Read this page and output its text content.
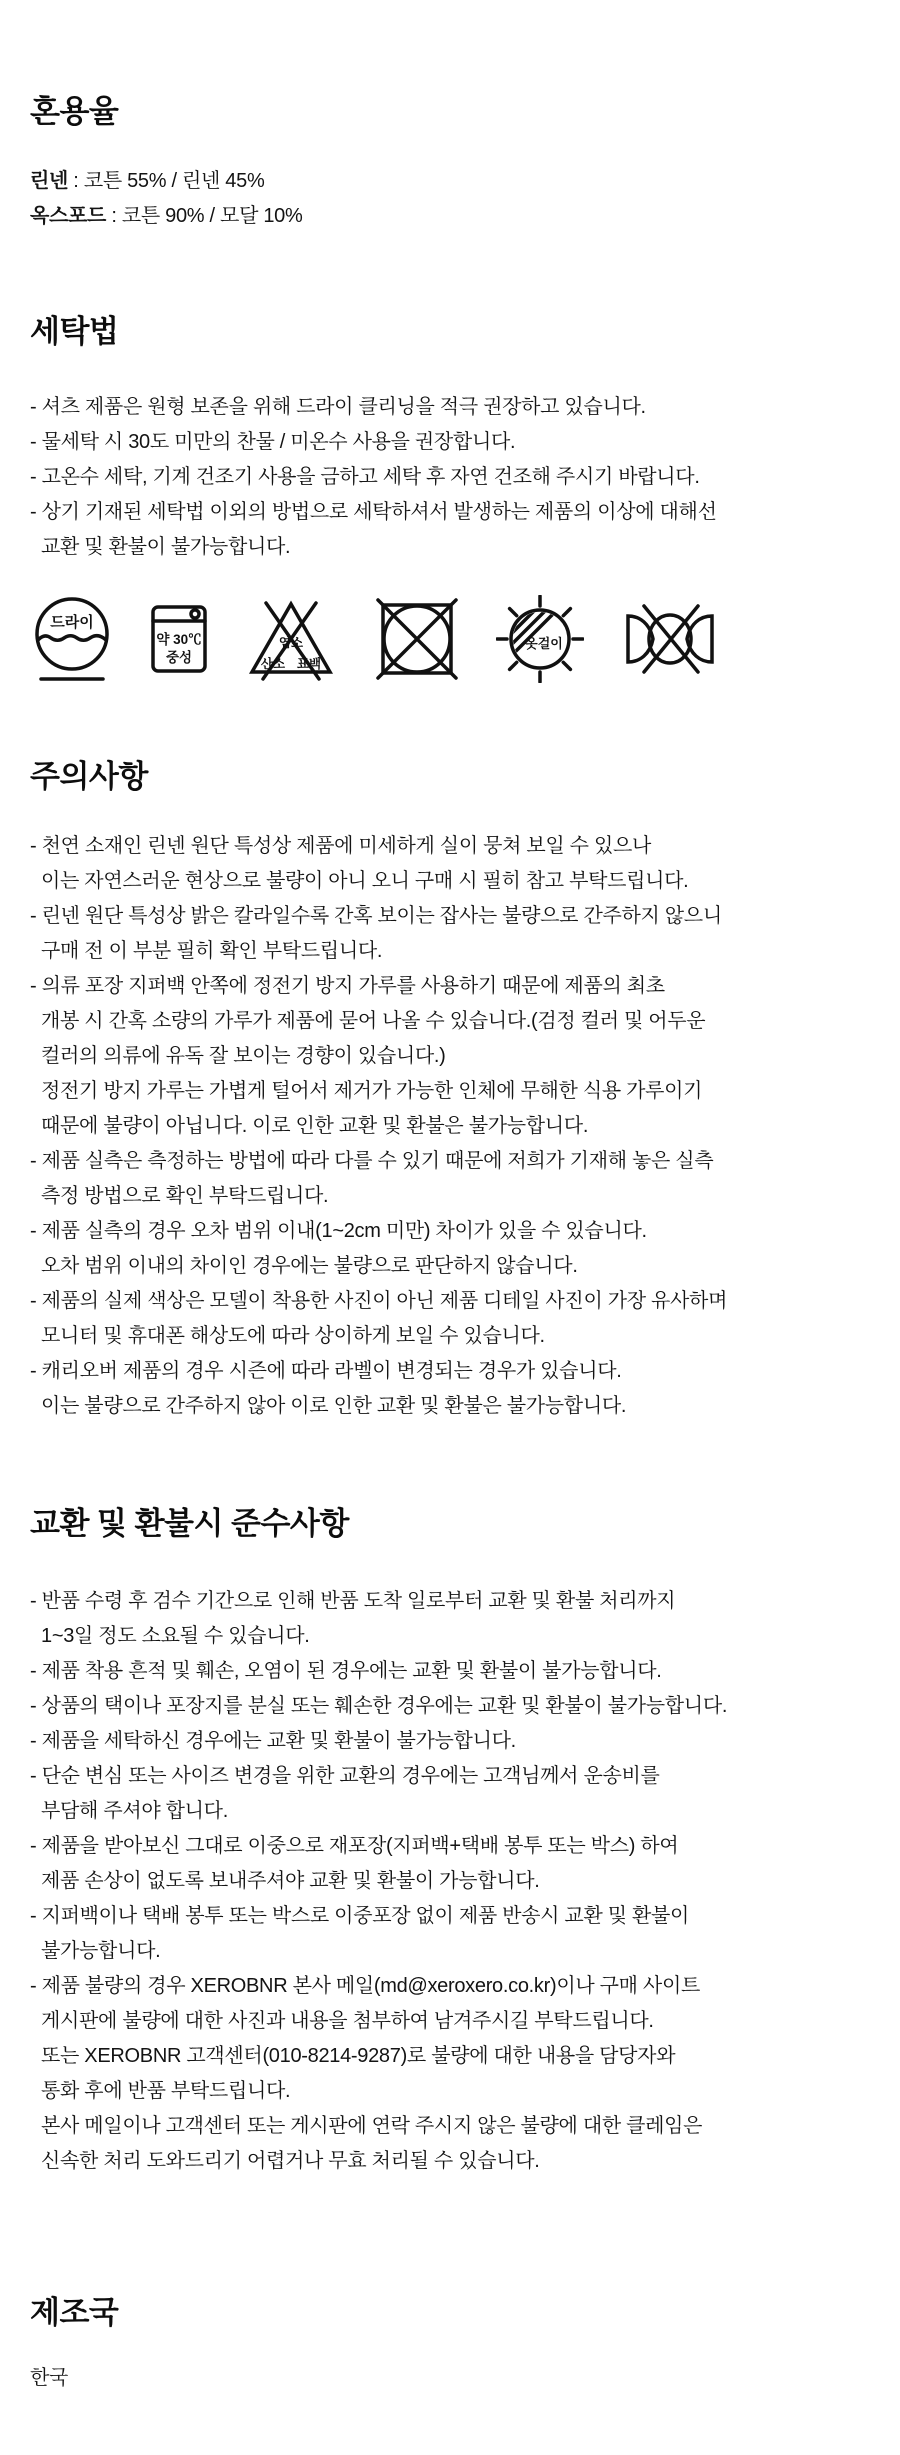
혼용율
린넨 : 코튼 55% / 린넨 45%
옥스포드 : 코튼 90% / 모달 10%
세탁법
- 셔츠 제품은 원형 보존을 위해 드라이 클리닝을 적극 권장하고 있습니다.
- 물세탁 시 30도 미만의 찬물 / 미온수 사용을 권장합니다.
- 고온수 세탁, 기계 건조기 사용을 금하고 세탁 후 자연 건조해 주시기 바랍니다.
- 상기 기재된 세탁법 이외의 방법으로 세탁하셔서 발생하는 제품의 이상에 대해선
교환 및 환불이 불가능합니다.
드라이
약 30℃
중성
염소
산소 표백
옷걸이
주의사항
- 천연 소재인 린넨 원단 특성상 제품에 미세하게 실이 뭉쳐 보일 수 있으나
이는 자연스러운 현상으로 불량이 아니 오니 구매 시 필히 참고 부탁드립니다.
- 린넨 원단 특성상 밝은 칼라일수록 간혹 보이는 잡사는 불량으로 간주하지 않으니
구매 전 이 부분 필히 확인 부탁드립니다.
- 의류 포장 지퍼백 안쪽에 정전기 방지 가루를 사용하기 때문에 제품의 최초
개봉 시 간혹 소량의 가루가 제품에 묻어 나올 수 있습니다.(검정 컬러 및 어두운
컬러의 의류에 유독 잘 보이는 경향이 있습니다.)
정전기 방지 가루는 가볍게 털어서 제거가 가능한 인체에 무해한 식용 가루이기
때문에 불량이 아닙니다. 이로 인한 교환 및 환불은 불가능합니다.
- 제품 실측은 측정하는 방법에 따라 다를 수 있기 때문에 저희가 기재해 놓은 실측
측정 방법으로 확인 부탁드립니다.
- 제품 실측의 경우 오차 범위 이내(1~2cm 미만) 차이가 있을 수 있습니다.
오차 범위 이내의 차이인 경우에는 불량으로 판단하지 않습니다.
- 제품의 실제 색상은 모델이 착용한 사진이 아닌 제품 디테일 사진이 가장 유사하며
모니터 및 휴대폰 해상도에 따라 상이하게 보일 수 있습니다.
- 캐리오버 제품의 경우 시즌에 따라 라벨이 변경되는 경우가 있습니다.
이는 불량으로 간주하지 않아 이로 인한 교환 및 환불은 불가능합니다.
교환 및 환불시 준수사항
- 반품 수령 후 검수 기간으로 인해 반품 도착 일로부터 교환 및 환불 처리까지
1~3일 정도 소요될 수 있습니다.
- 제품 착용 흔적 및 훼손, 오염이 된 경우에는 교환 및 환불이 불가능합니다.
- 상품의 택이나 포장지를 분실 또는 훼손한 경우에는 교환 및 환불이 불가능합니다.
- 제품을 세탁하신 경우에는 교환 및 환불이 불가능합니다.
- 단순 변심 또는 사이즈 변경을 위한 교환의 경우에는 고객님께서 운송비를
부담해 주셔야 합니다.
- 제품을 받아보신 그대로 이중으로 재포장(지퍼백+택배 봉투 또는 박스) 하여
제품 손상이 없도록 보내주셔야 교환 및 환불이 가능합니다.
- 지퍼백이나 택배 봉투 또는 박스로 이중포장 없이 제품 반송시 교환 및 환불이
불가능합니다.
- 제품 불량의 경우 XEROBNR 본사 메일(md@xeroxero.co.kr)이나 구매 사이트
게시판에 불량에 대한 사진과 내용을 첨부하여 남겨주시길 부탁드립니다.
또는 XEROBNR 고객센터(010-8214-9287)로 불량에 대한 내용을 담당자와
통화 후에 반품 부탁드립니다.
본사 메일이나 고객센터 또는 게시판에 연락 주시지 않은 불량에 대한 클레임은
신속한 처리 도와드리기 어렵거나 무효 처리될 수 있습니다.
제조국
한국
